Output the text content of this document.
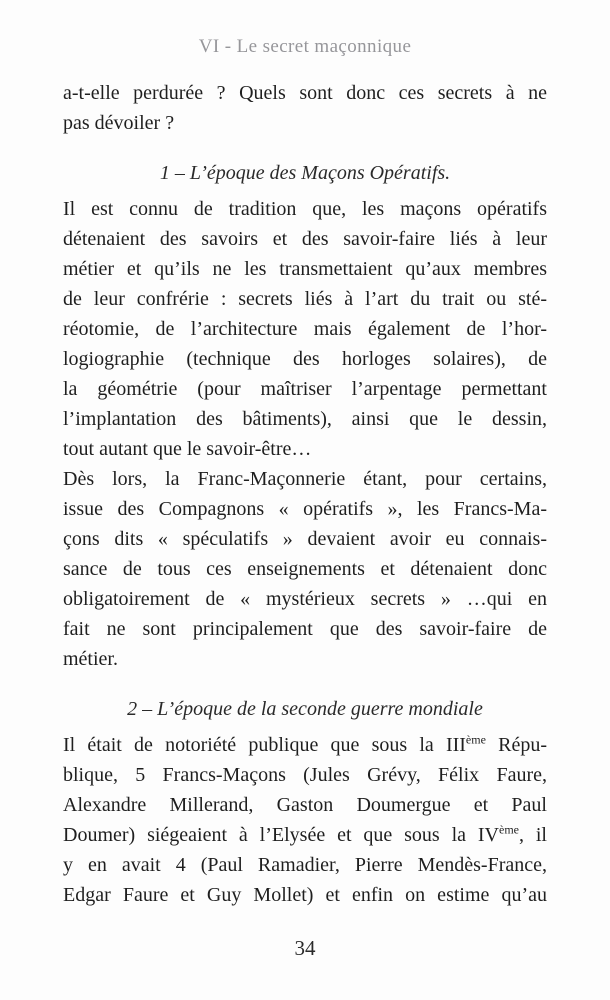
VI - Le secret maçonnique
a-t-elle perdurée ? Quels sont donc ces secrets à ne
pas dévoiler ?
1 – L’époque des Maçons Opératifs.
Il est connu de tradition que, les maçons opératifs
détenaient des savoirs et des savoir-faire liés à leur
métier et qu’ils ne les transmettaient qu’aux membres
de leur confrérie : secrets liés à l’art du trait ou sté-
réotomie, de l’architecture mais également de l’hor-
logiographie (technique des horloges solaires), de
la géométrie (pour maîtriser l’arpentage permettant
l’implantation des bâtiments), ainsi que le dessin,
tout autant que le savoir-être…
Dès lors, la Franc-Maçonnerie étant, pour certains,
issue des Compagnons « opératifs », les Francs-Ma-
çons dits « spéculatifs » devaient avoir eu connais-
sance de tous ces enseignements et détenaient donc
obligatoirement de « mystérieux secrets » …qui en
fait ne sont principalement que des savoir-faire de
métier.
2 – L’époque de la seconde guerre mondiale
Il était de notoriété publique que sous la IIIème Répu-
blique, 5 Francs-Maçons (Jules Grévy, Félix Faure,
Alexandre Millerand, Gaston Doumergue et Paul
Doumer) siégeaient à l’Elysée et que sous la IVème, il
y en avait 4 (Paul Ramadier, Pierre Mendès-France,
Edgar Faure et Guy Mollet) et enfin on estime qu’au
34
